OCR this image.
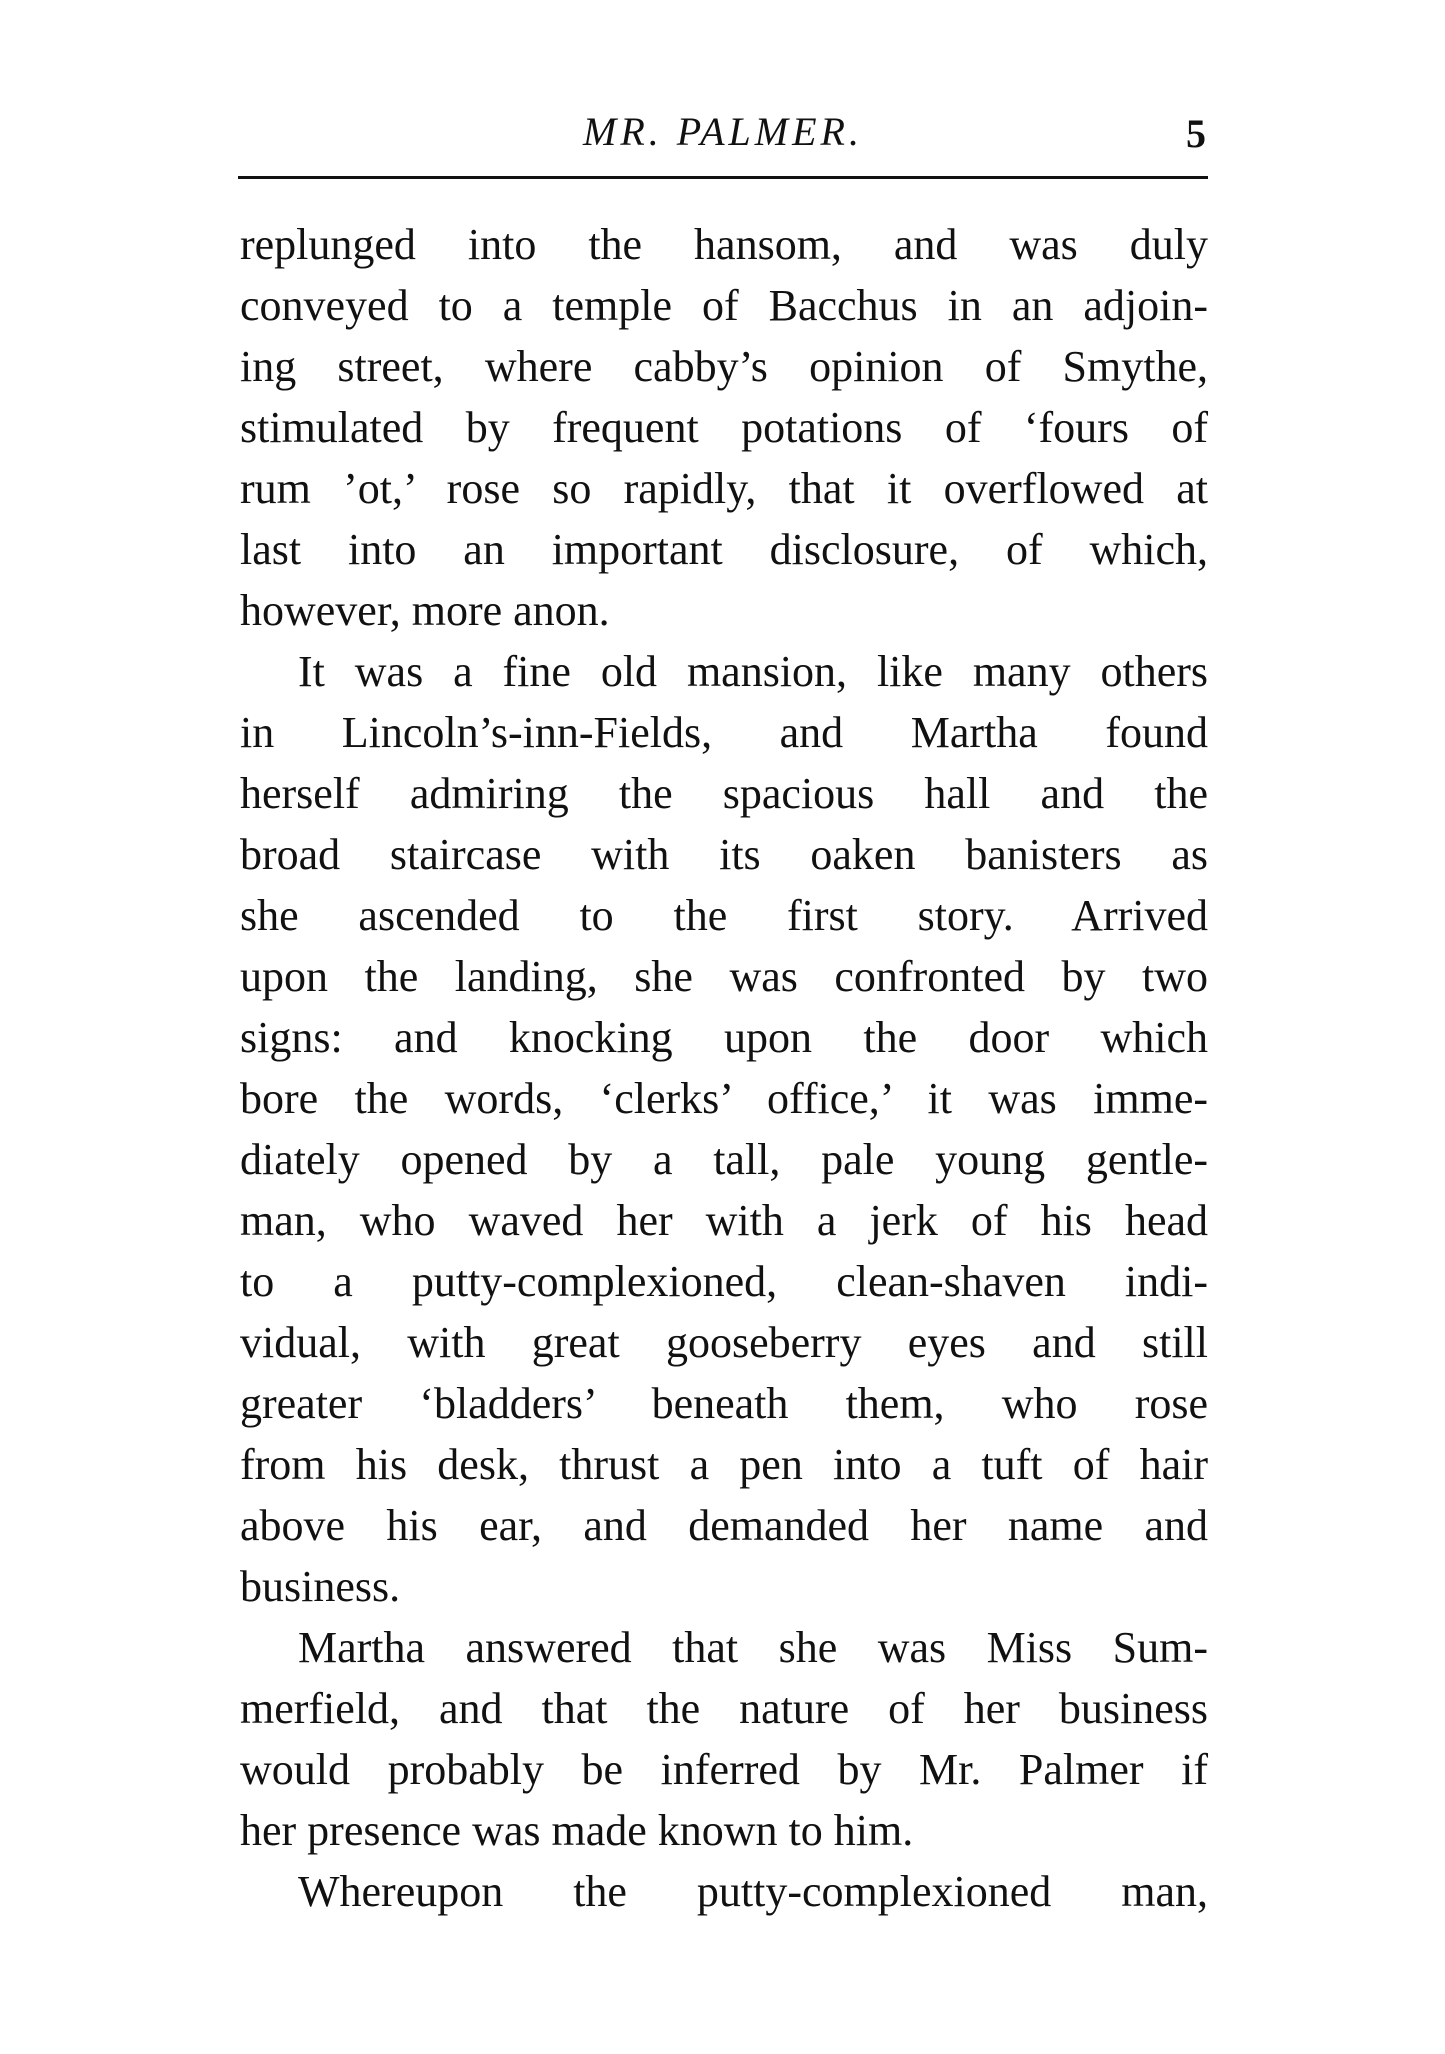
MR. PALMER.	5
replunged into the hansom, and was duly
conveyed to a temple of Bacchus in an adjoin-
ing street, where cabby’s opinion of Smythe,
stimulated by frequent potations of ‘fours of
rum ’ot,’ rose so rapidly, that it overflowed at
last into an important disclosure, of which,
however, more anon.
It was a fine old mansion, like many others
in Lincoln’s-inn-Fields, and Martha found
herself admiring the spacious hall and the
broad staircase with its oaken banisters as
she ascended to the first story. Arrived
upon the landing, she was confronted by two
signs: and knocking upon the door which
bore the words, ‘clerks’ office,’ it was imme-
diately opened by a tall, pale young gentle-
man, who waved her with a jerk of his head
to a putty-complexioned, clean-shaven indi-
vidual, with great gooseberry eyes and still
greater ‘bladders’ beneath them, who rose
from his desk, thrust a pen into a tuft of hair
above his ear, and demanded her name and
business.
Martha answered that she was Miss Sum-
merfield, and that the nature of her business
would probably be inferred by Mr. Palmer if
her presence was made known to him.
Whereupon the putty-complexioned man,
